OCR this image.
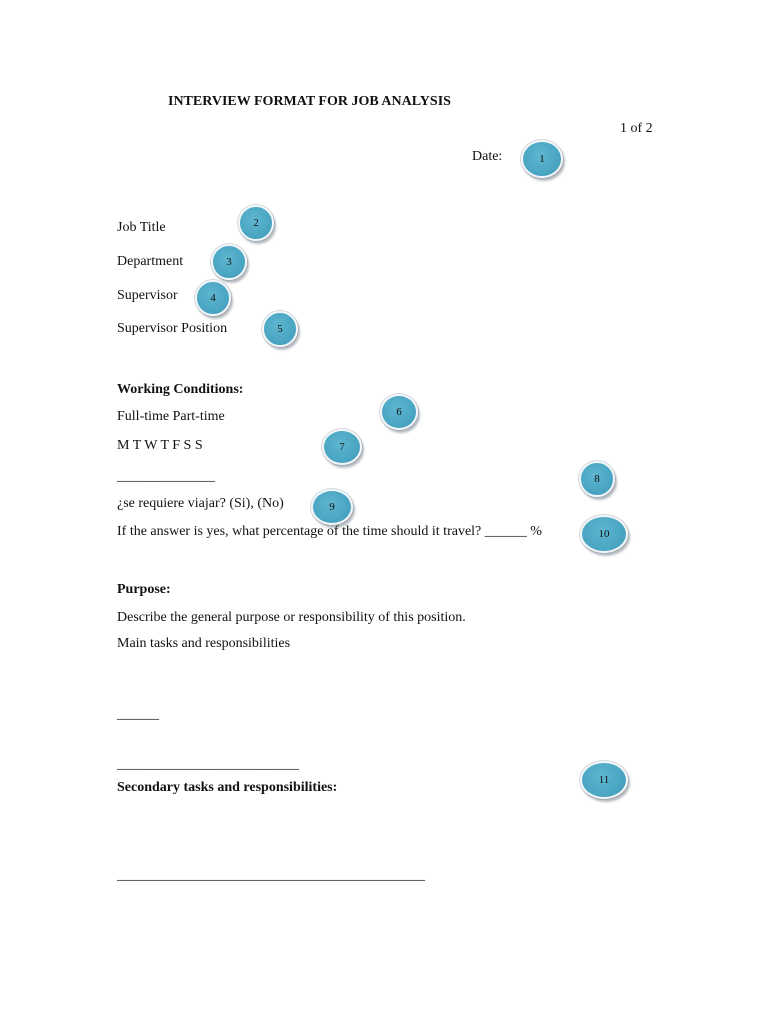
INTERVIEW FORMAT FOR JOB ANALYSIS
1 of 2
Date:	1
Job Title	2
Department	3
Supervisor	4
Supervisor Position	5
Working Conditions:
Full-time Part-time	6
M T W T F S S	7
______________	8
¿se requiere viajar? (Si), (No)	9
If the answer is yes, what percentage of the time should it travel? ______ %	10
Purpose:
Describe the general purpose or responsibility of this position.
Main tasks and responsibilities
______
__________________________
Secondary tasks and responsibilities:	11
____________________________________________
